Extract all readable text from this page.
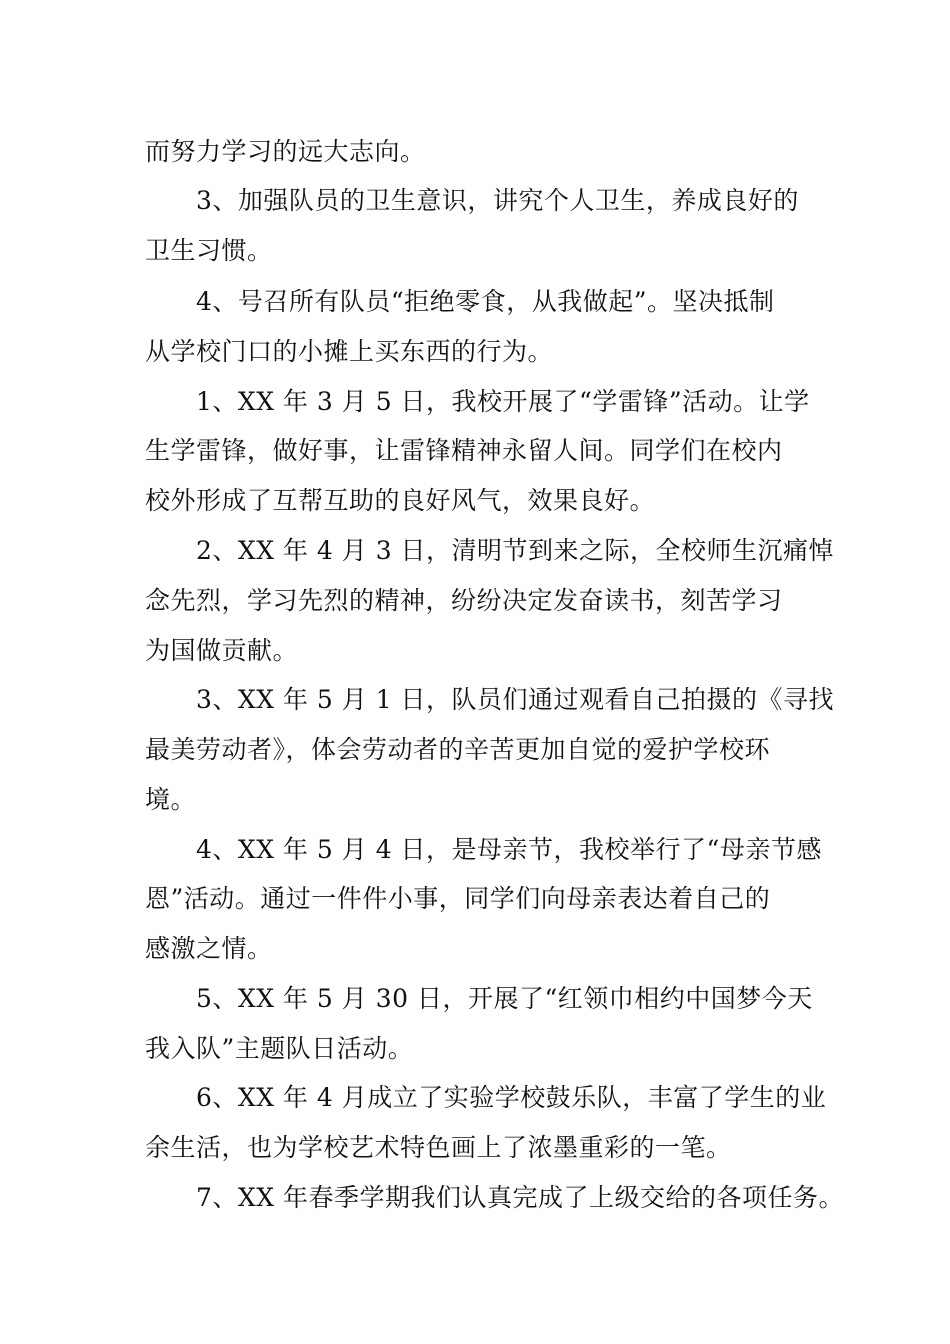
而努力学习的远大志向。
3、加强队员的卫生意识，讲究个人卫生，养成良好的
卫生习惯。
4、号召所有队员“拒绝零食，从我做起”。坚决抵制
从学校门口的小摊上买东西的行为。
1、XX 年 3 月 5 日，我校开展了“学雷锋”活动。让学
生学雷锋，做好事，让雷锋精神永留人间。同学们在校内
校外形成了互帮互助的良好风气，效果良好。
2、XX 年 4 月 3 日，清明节到来之际，全校师生沉痛悼
念先烈，学习先烈的精神，纷纷决定发奋读书，刻苦学习
为国做贡献。
3、XX 年 5 月 1 日，队员们通过观看自己拍摄的《寻找
最美劳动者》，体会劳动者的辛苦更加自觉的爱护学校环
境。
4、XX 年 5 月 4 日，是母亲节，我校举行了“母亲节感
恩”活动。通过一件件小事，同学们向母亲表达着自己的
感激之情。
5、XX 年 5 月 30 日，开展了“红领巾相约中国梦今天
我入队”主题队日活动。
6、XX 年 4 月成立了实验学校鼓乐队，丰富了学生的业
余生活，也为学校艺术特色画上了浓墨重彩的一笔。
7、XX 年春季学期我们认真完成了上级交给的各项任务。
